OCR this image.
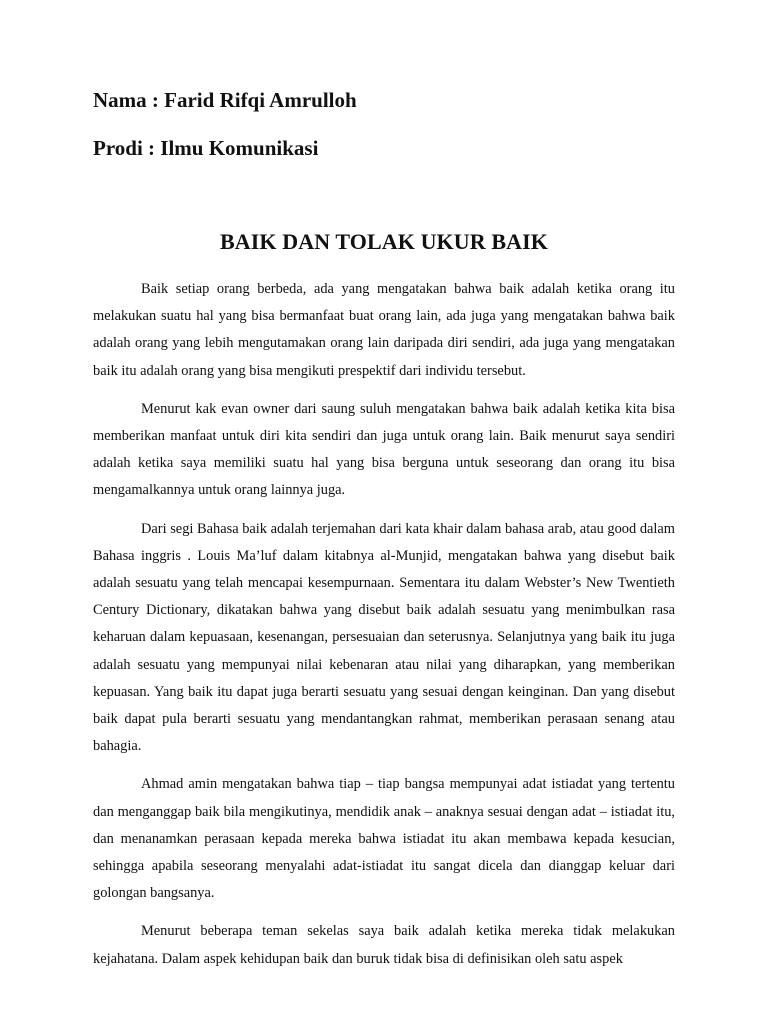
Nama : Farid Rifqi Amrulloh

Prodi : Ilmu Komunikasi

BAIK DAN TOLAK UKUR BAIK

Baik setiap orang berbeda, ada yang mengatakan bahwa baik adalah ketika orang itu melakukan suatu hal yang bisa bermanfaat buat orang lain, ada juga yang mengatakan bahwa baik adalah orang yang lebih mengutamakan orang lain daripada diri sendiri, ada juga yang mengatakan baik itu adalah orang yang bisa mengikuti prespektif dari individu tersebut.

Menurut kak evan owner dari saung suluh mengatakan bahwa baik adalah ketika kita bisa memberikan manfaat untuk diri kita sendiri dan juga untuk orang lain. Baik menurut saya sendiri adalah ketika saya memiliki suatu hal yang bisa berguna untuk seseorang dan orang itu bisa mengamalkannya untuk orang lainnya juga.

Dari segi Bahasa baik adalah terjemahan dari kata khair dalam bahasa arab, atau good dalam Bahasa inggris . Louis Ma’luf dalam kitabnya al-Munjid, mengatakan bahwa yang disebut baik adalah sesuatu yang telah mencapai kesempurnaan. Sementara itu dalam Webster’s New Twentieth Century Dictionary, dikatakan bahwa yang disebut baik adalah sesuatu yang menimbulkan rasa keharuan dalam kepuasaan, kesenangan, persesuaian dan seterusnya. Selanjutnya yang baik itu juga adalah sesuatu yang mempunyai nilai kebenaran atau nilai yang diharapkan, yang memberikan kepuasan. Yang baik itu dapat juga berarti sesuatu yang sesuai dengan keinginan. Dan yang disebut baik dapat pula berarti sesuatu yang mendantangkan rahmat, memberikan perasaan senang atau bahagia.

Ahmad amin mengatakan bahwa tiap – tiap bangsa mempunyai adat istiadat yang tertentu dan menganggap baik bila mengikutinya, mendidik anak – anaknya sesuai dengan adat – istiadat itu, dan menanamkan perasaan kepada mereka bahwa istiadat itu akan membawa kepada kesucian, sehingga apabila seseorang menyalahi adat-istiadat itu sangat dicela dan dianggap keluar dari golongan bangsanya.

Menurut beberapa teman sekelas saya baik adalah ketika mereka tidak melakukan kejahatana. Dalam aspek kehidupan baik dan buruk tidak bisa di definisikan oleh satu aspek
